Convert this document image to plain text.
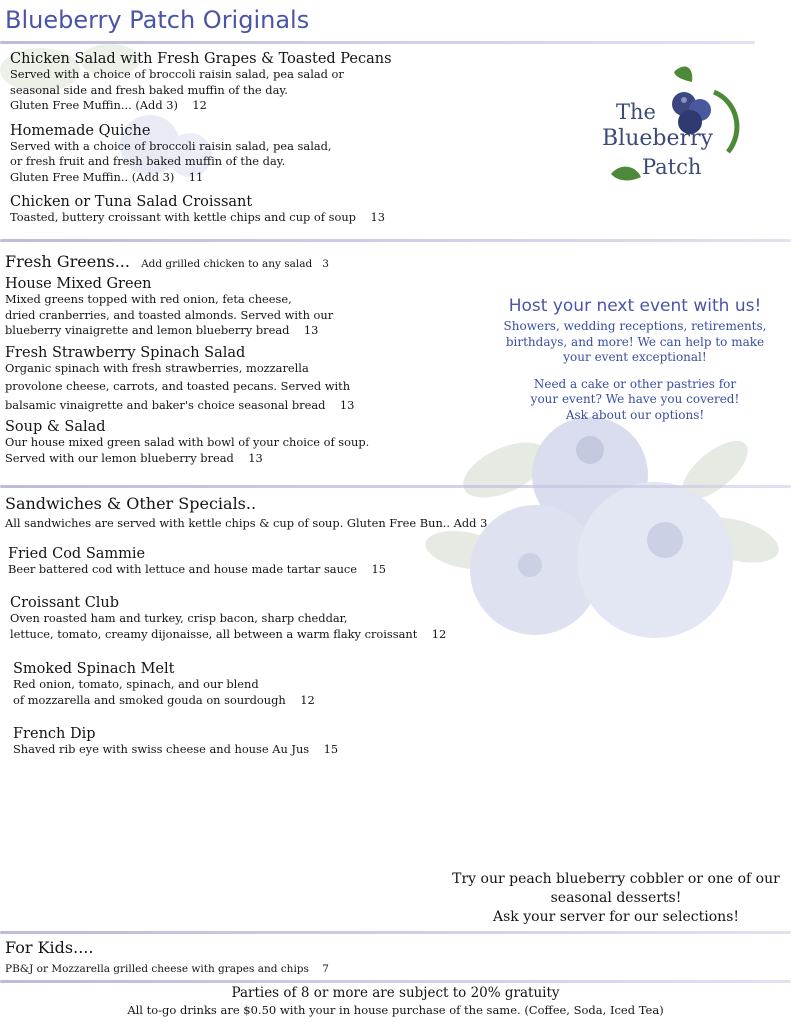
Blueberry Patch Originals
Chicken Salad with Fresh Grapes & Toasted Pecans
Served with a choice of broccoli raisin salad, pea salad or
seasonal side and fresh baked muffin of the day.
Gluten Free Muffin... (Add 3)    12
Homemade Quiche
Served with a choice of broccoli raisin salad, pea salad,
or fresh fruit and fresh baked muffin of the day.
Gluten Free Muffin.. (Add 3)    11
Chicken or Tuna Salad Croissant
Toasted, buttery croissant with kettle chips and cup of soup    13
The
Blueberry
Patch
Fresh Greens... Add grilled chicken to any salad   3
House Mixed Green
Mixed greens topped with red onion, feta cheese,
dried cranberries, and toasted almonds. Served with our
blueberry vinaigrette and lemon blueberry bread    13
Fresh Strawberry Spinach Salad
Organic spinach with fresh strawberries, mozzarella
provolone cheese, carrots, and toasted pecans. Served with
balsamic vinaigrette and baker's choice seasonal bread    13
Soup & Salad
Our house mixed green salad with bowl of your choice of soup.
Served with our lemon blueberry bread    13
Host your next event with us!
Showers, wedding receptions, retirements,
birthdays, and more! We can help to make
your event exceptional!
Need a cake or other pastries for
your event? We have you covered!
Ask about our options!
Sandwiches & Other Specials..
All sandwiches are served with kettle chips & cup of soup. Gluten Free Bun.. Add 3
Fried Cod Sammie
Beer battered cod with lettuce and house made tartar sauce    15
Croissant Club
Oven roasted ham and turkey, crisp bacon, sharp cheddar,
lettuce, tomato, creamy dijonaisse, all between a warm flaky croissant    12
Smoked Spinach Melt
Red onion, tomato, spinach, and our blend
of mozzarella and smoked gouda on sourdough    12
French Dip
Shaved rib eye with swiss cheese and house Au Jus    15
Try our peach blueberry cobbler or one of our
seasonal desserts!
Ask your server for our selections!
For Kids....
PB&J or Mozzarella grilled cheese with grapes and chips    7
Parties of 8 or more are subject to 20% gratuity
All to-go drinks are $0.50 with your in house purchase of the same. (Coffee, Soda, Iced Tea)
